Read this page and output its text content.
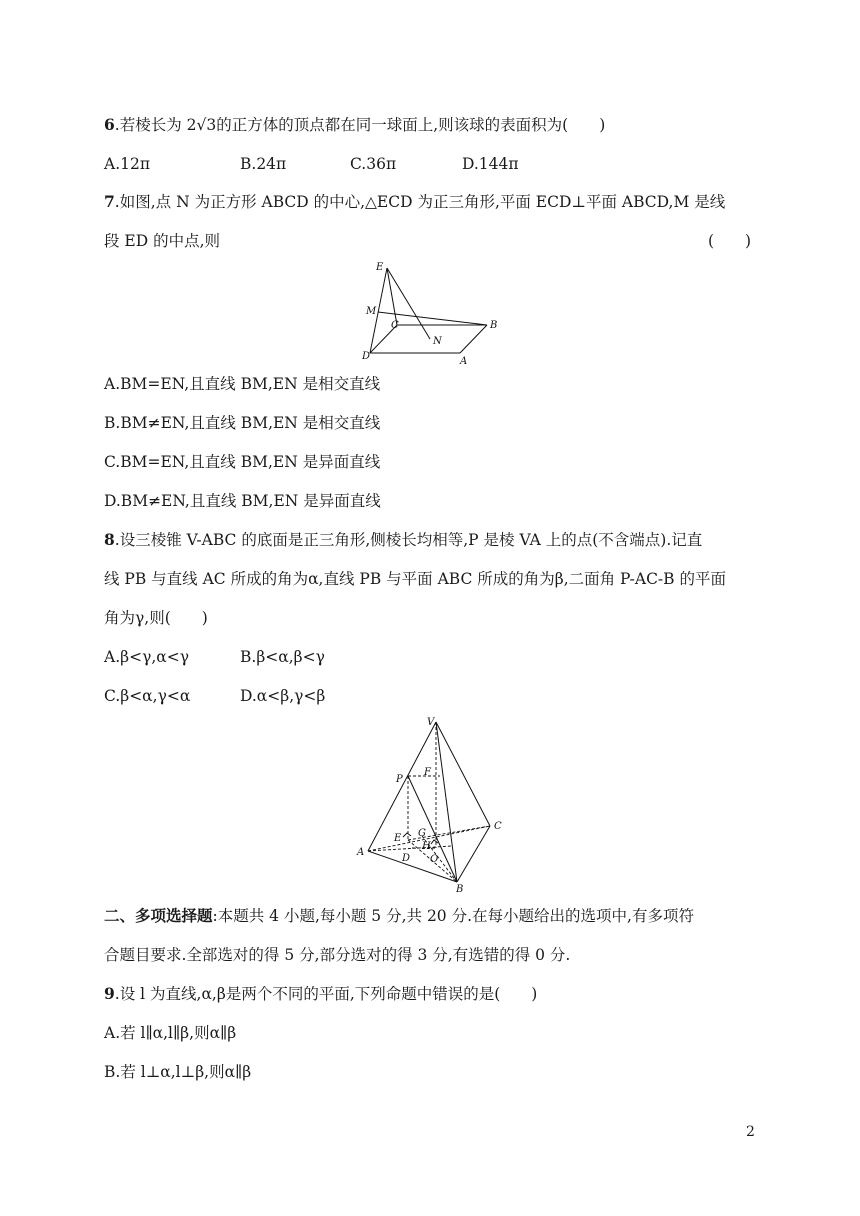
6.若棱长为 2√3的正方体的顶点都在同一球面上,则该球的表面积为(　　)
A.12π	B.24π	C.36π	D.144π
7.如图,点 N 为正方形 ABCD 的中心,△ECD 为正三角形,平面 ECD⊥平面 ABCD,M 是线
段 ED 的中点,则	(　　)
E
M
C
N
B
D	A
A.BM=EN,且直线 BM,EN 是相交直线
B.BM≠EN,且直线 BM,EN 是相交直线
C.BM=EN,且直线 BM,EN 是异面直线
D.BM≠EN,且直线 BM,EN 是异面直线
8.设三棱锥 V-ABC 的底面是正三角形,侧棱长均相等,P 是棱 VA 上的点(不含端点).记直
线 PB 与直线 AC 所成的角为α,直线 PB 与平面 ABC 所成的角为β,二面角 P-AC-B 的平面
角为γ,则(　　)
A.β<γ,α<γ	B.β<α,β<γ
C.β<α,γ<α	D.α<β,γ<β
V
P
F
E G
H
C
A
D O
B
二、多项选择题:本题共 4 小题,每小题 5 分,共 20 分.在每小题给出的选项中,有多项符
合题目要求.全部选对的得 5 分,部分选对的得 3 分,有选错的得 0 分.
9.设 l 为直线,α,β是两个不同的平面,下列命题中错误的是(　　)
A.若 l∥α,l∥β,则α∥β
B.若 l⊥α,l⊥β,则α∥β
2
